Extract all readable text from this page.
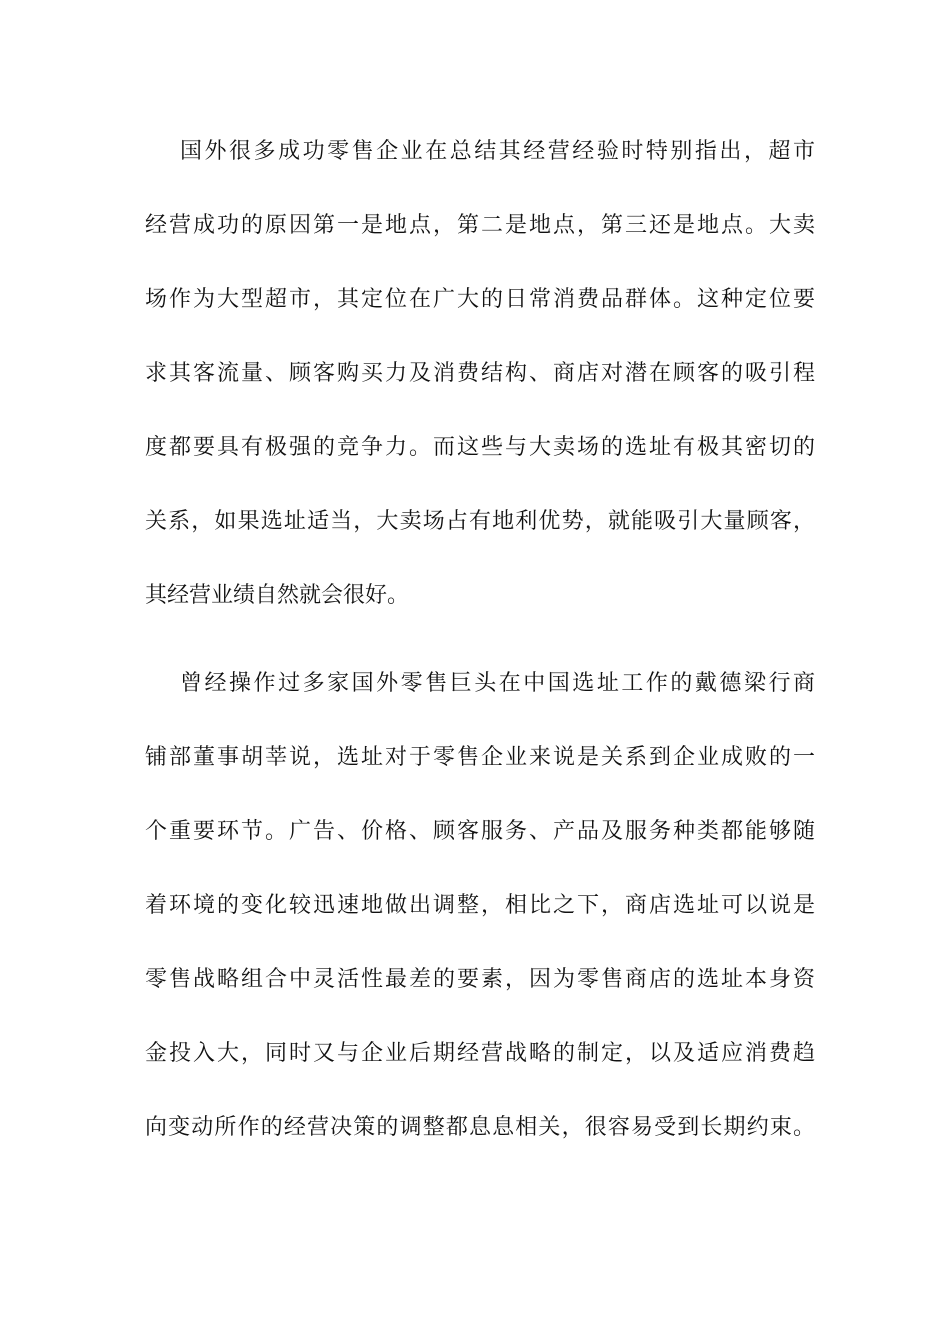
国外很多成功零售企业在总结其经营经验时特别指出，超市
经营成功的原因第一是地点，第二是地点，第三还是地点。大卖
场作为大型超市，其定位在广大的日常消费品群体。这种定位要
求其客流量、顾客购买力及消费结构、商店对潜在顾客的吸引程
度都要具有极强的竞争力。而这些与大卖场的选址有极其密切的
关系，如果选址适当，大卖场占有地利优势，就能吸引大量顾客，
其经营业绩自然就会很好。
曾经操作过多家国外零售巨头在中国选址工作的戴德梁行商
铺部董事胡莘说，选址对于零售企业来说是关系到企业成败的一
个重要环节。广告、价格、顾客服务、产品及服务种类都能够随
着环境的变化较迅速地做出调整，相比之下，商店选址可以说是
零售战略组合中灵活性最差的要素，因为零售商店的选址本身资
金投入大，同时又与企业后期经营战略的制定，以及适应消费趋
向变动所作的经营决策的调整都息息相关，很容易受到长期约束。
